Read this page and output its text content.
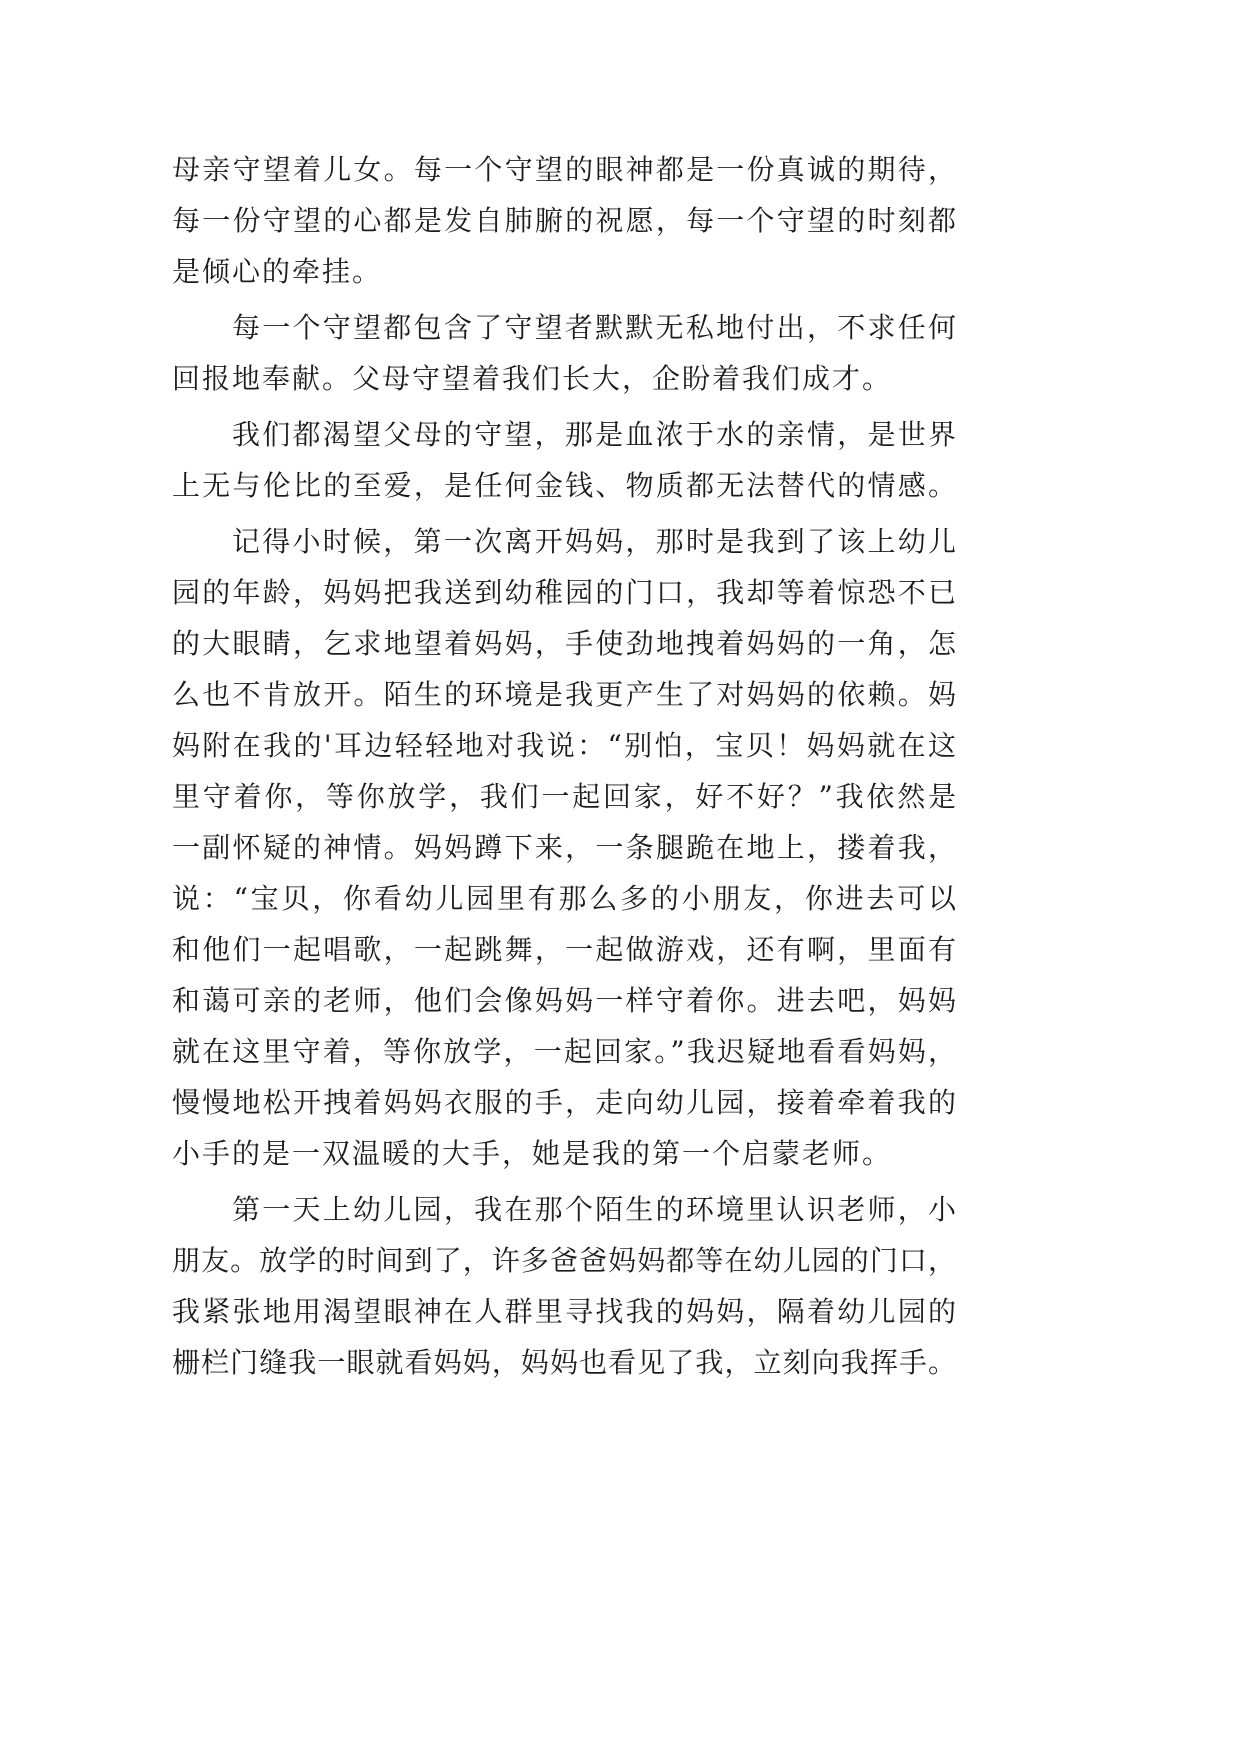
母亲守望着儿女。每一个守望的眼神都是一份真诚的期待，
每一份守望的心都是发自肺腑的祝愿，每一个守望的时刻都
是倾心的牵挂。
每一个守望都包含了守望者默默无私地付出，不求任何
回报地奉献。父母守望着我们长大，企盼着我们成才。
我们都渴望父母的守望，那是血浓于水的亲情，是世界
上无与伦比的至爱，是任何金钱、物质都无法替代的情感。
记得小时候，第一次离开妈妈，那时是我到了该上幼儿
园的年龄，妈妈把我送到幼稚园的门口，我却等着惊恐不已
的大眼睛，乞求地望着妈妈，手使劲地拽着妈妈的一角，怎
么也不肯放开。陌生的环境是我更产生了对妈妈的依赖。妈
妈附在我的'耳边轻轻地对我说：“别怕，宝贝！妈妈就在这
里守着你，等你放学，我们一起回家，好不好？”我依然是
一副怀疑的神情。妈妈蹲下来，一条腿跪在地上，搂着我，
说：“宝贝，你看幼儿园里有那么多的小朋友，你进去可以
和他们一起唱歌，一起跳舞，一起做游戏，还有啊，里面有
和蔼可亲的老师，他们会像妈妈一样守着你。进去吧，妈妈
就在这里守着，等你放学，一起回家。”我迟疑地看看妈妈，
慢慢地松开拽着妈妈衣服的手，走向幼儿园，接着牵着我的
小手的是一双温暖的大手，她是我的第一个启蒙老师。
第一天上幼儿园，我在那个陌生的环境里认识老师，小
朋友。放学的时间到了，许多爸爸妈妈都等在幼儿园的门口，
我紧张地用渴望眼神在人群里寻找我的妈妈，隔着幼儿园的
栅栏门缝我一眼就看妈妈，妈妈也看见了我，立刻向我挥手。
